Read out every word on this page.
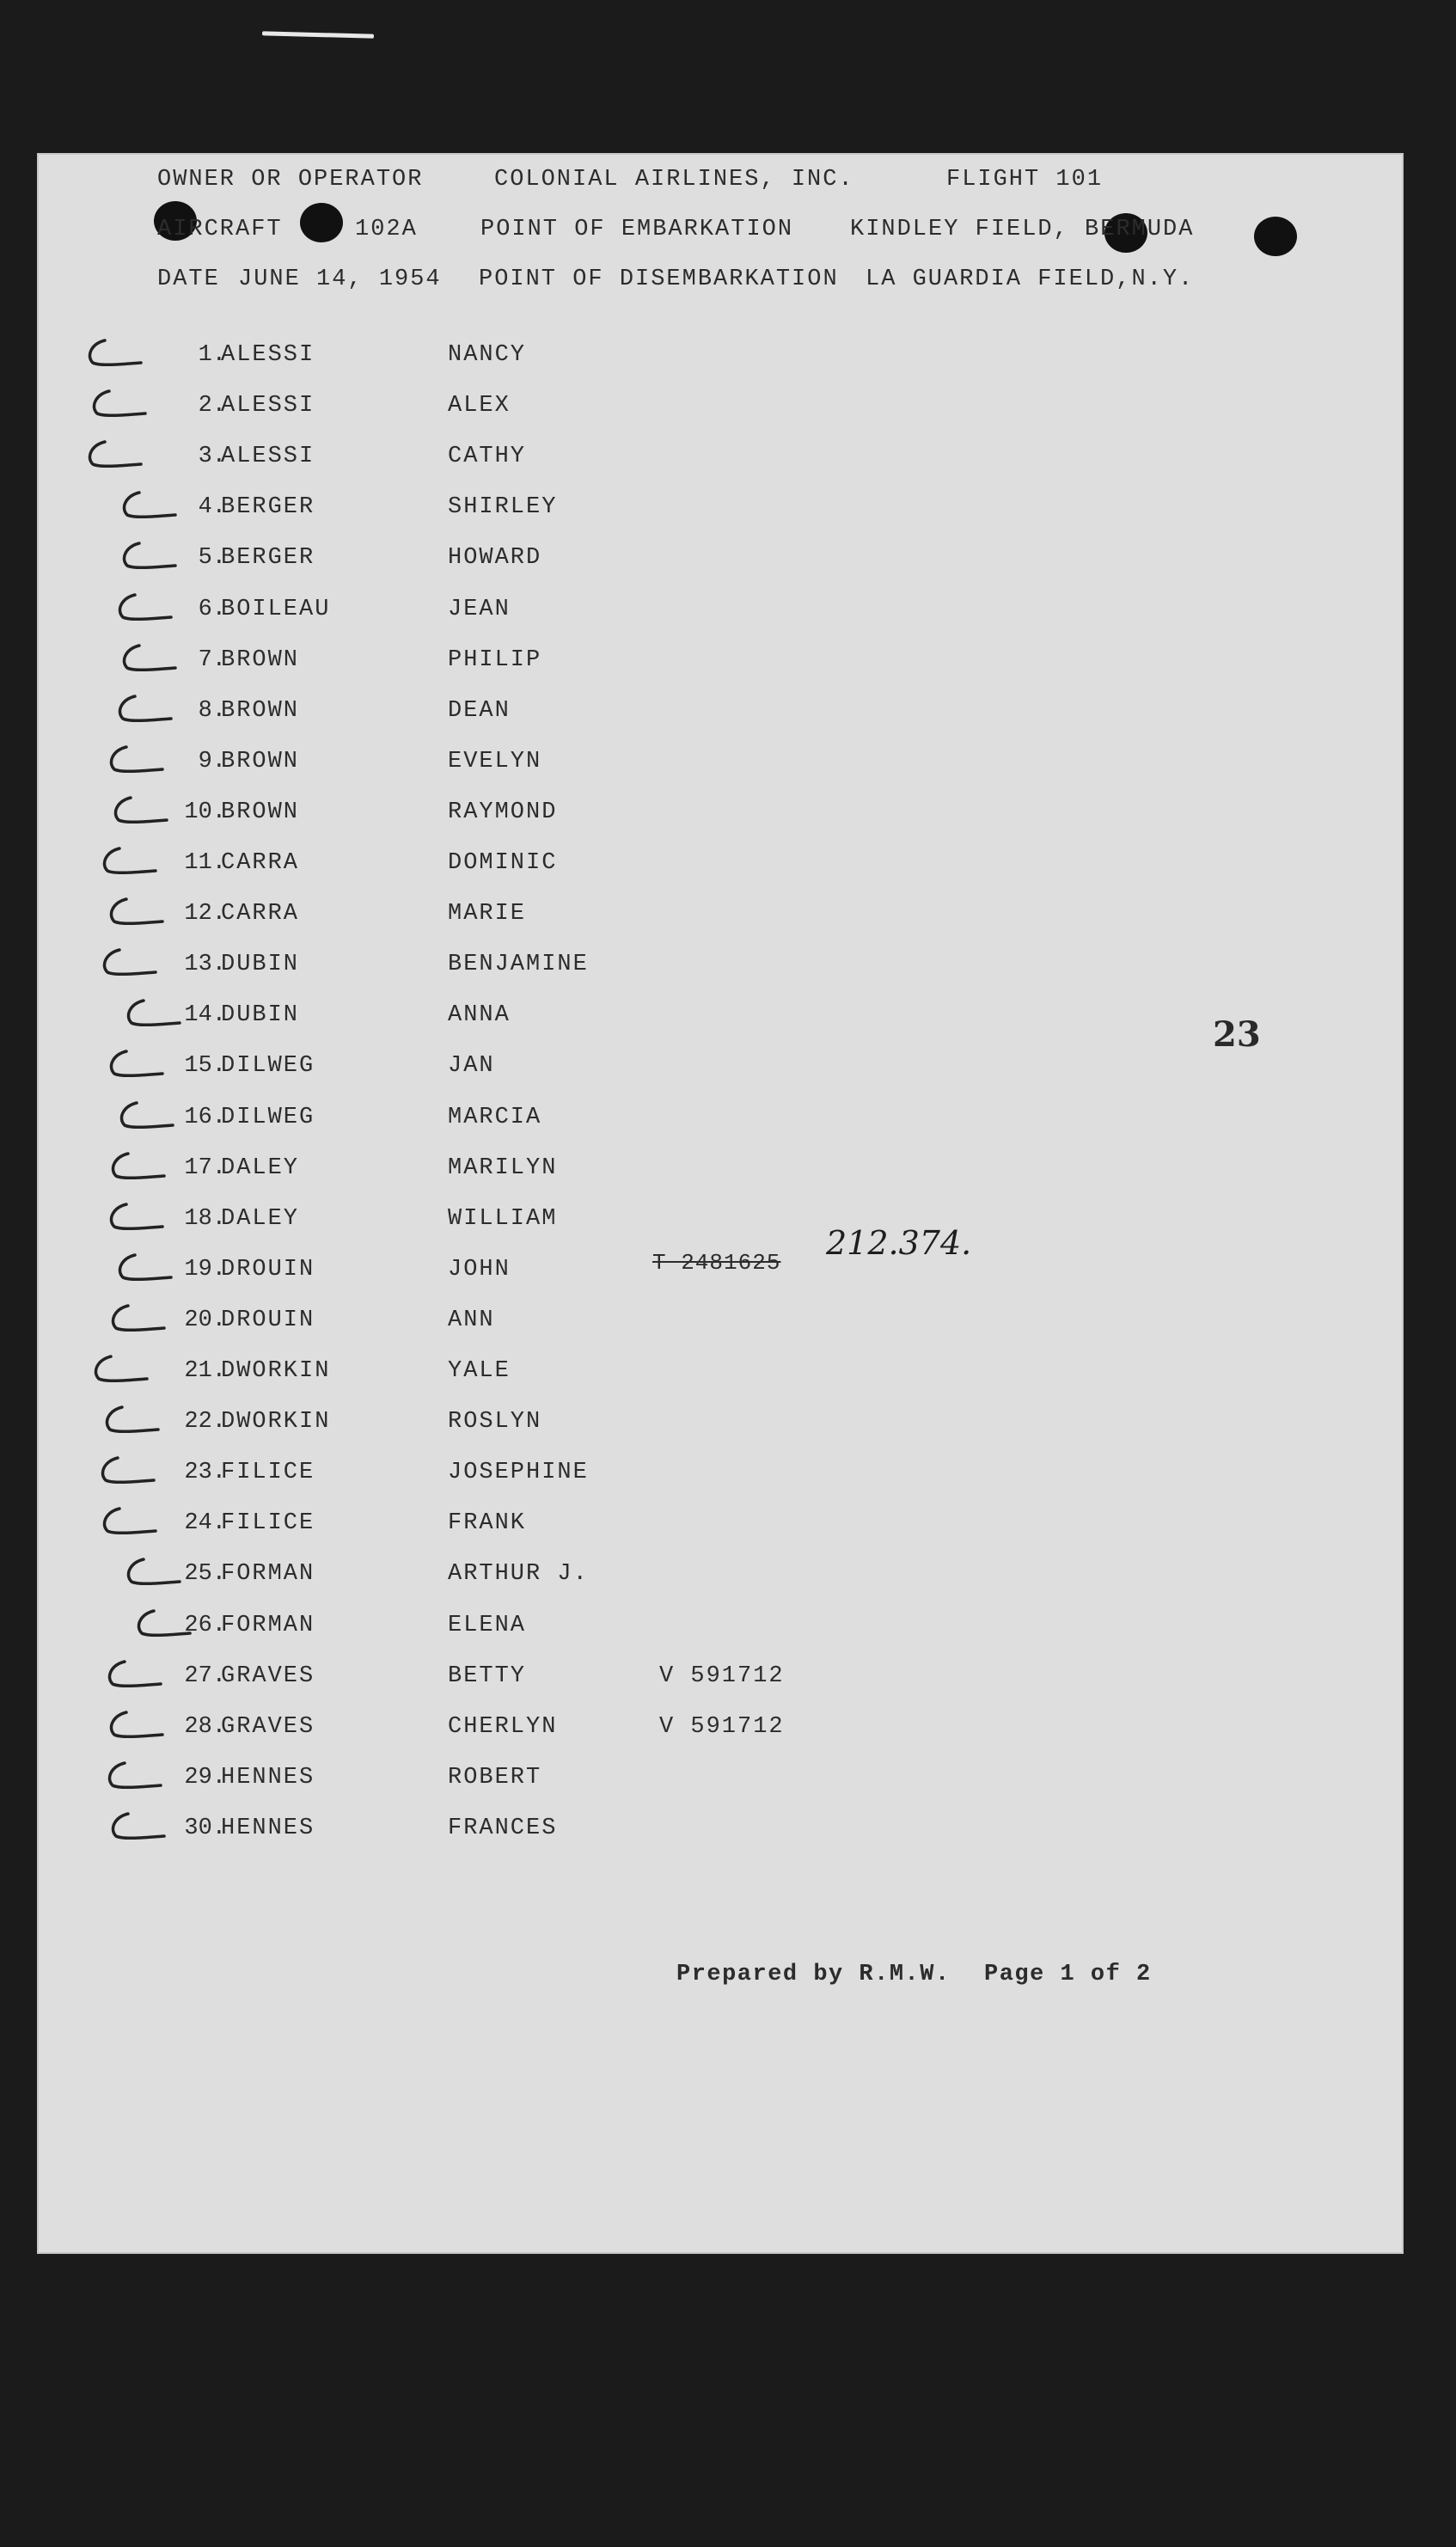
OWNER OR OPERATOR	COLONIAL AIRLINES, INC.	FLIGHT 101
AIRCRAFT	102A	POINT OF EMBARKATION KINDLEY FIELD, BERMUDA
DATE JUNE 14, 1954 POINT OF DISEMBARKATION LA GUARDIA FIELD,N.Y.
1.
ALESSI	NANCY
2.
ALESSI	ALEX
3.
ALESSI	CATHY
4.
BERGER	SHIRLEY
5.
BERGER	HOWARD
6.
BOILEAU	JEAN
7.
BROWN	PHILIP
8.
BROWN	DEAN
9.
BROWN	EVELYN
10.
BROWN	RAYMOND
11.
CARRA	DOMINIC
12.
CARRA	MARIE
13.
DUBIN	BENJAMINE
14.
DUBIN	ANNA
15.
DILWEG	JAN
16.
DILWEG	MARCIA
17.
DALEY	MARILYN
18.
DALEY	WILLIAM
19.
DROUIN	JOHN
20.
DROUIN	ANN
21.
DWORKIN	YALE
22.
DWORKIN	ROSLYN
23.
FILICE	JOSEPHINE
24.
FILICE	FRANK
25.
FORMAN	ARTHUR J.
26.
FORMAN	ELENA
27.
GRAVES	BETTY	V 591712
28.
GRAVES	CHERLYN	V 591712
29.
HENNES	ROBERT
30.
HENNES	FRANCES
T 2481625
212.374.
23
Prepared by R.M.W. Page 1 of 2
